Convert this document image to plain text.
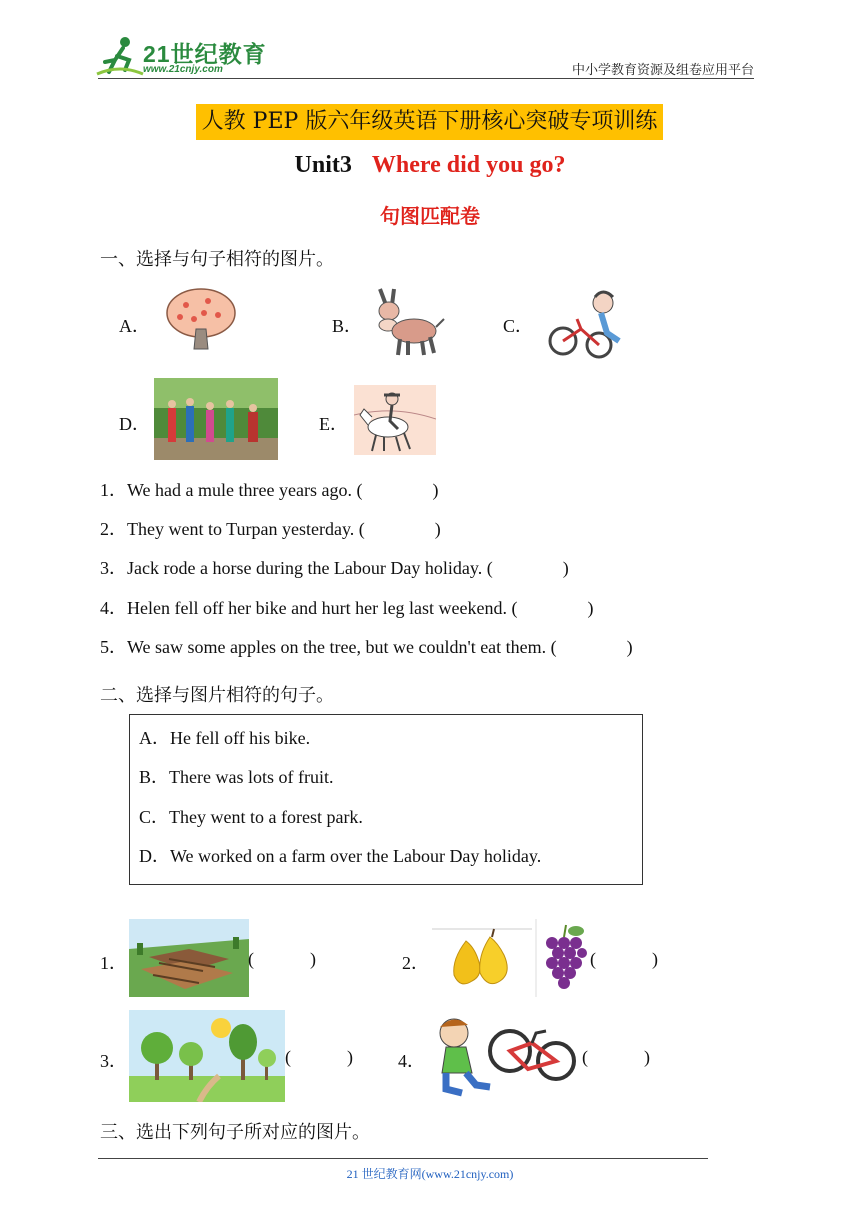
21世纪教育
www.21cnjy.com	中小学教育资源及组卷应用平台
人教 PEP 版六年级英语下册核心突破专项训练
Unit3 Where did you go?
句图匹配卷
一、选择与句子相符的图片。
A．	B．	C．
D．	E．
1．We had a mule three years ago. (	)
2．They went to Turpan yesterday. (	)
3．Jack rode a horse during the Labour Day holiday. (	)
4．Helen fell off her bike and hurt her leg last weekend. (	)
5．We saw some apples on the tree, but we couldn't eat them. (	)
二、选择与图片相符的句子。
A．He fell off his bike.
B．There was lots of fruit.
C．They went to a forest park.
D．We worked on a farm over the Labour Day holiday.
1．	(	)	2．	(	)
3．	(	)	4．	(	)
三、选出下列句子所对应的图片。
21 世纪教育网(www.21cnjy.com)
